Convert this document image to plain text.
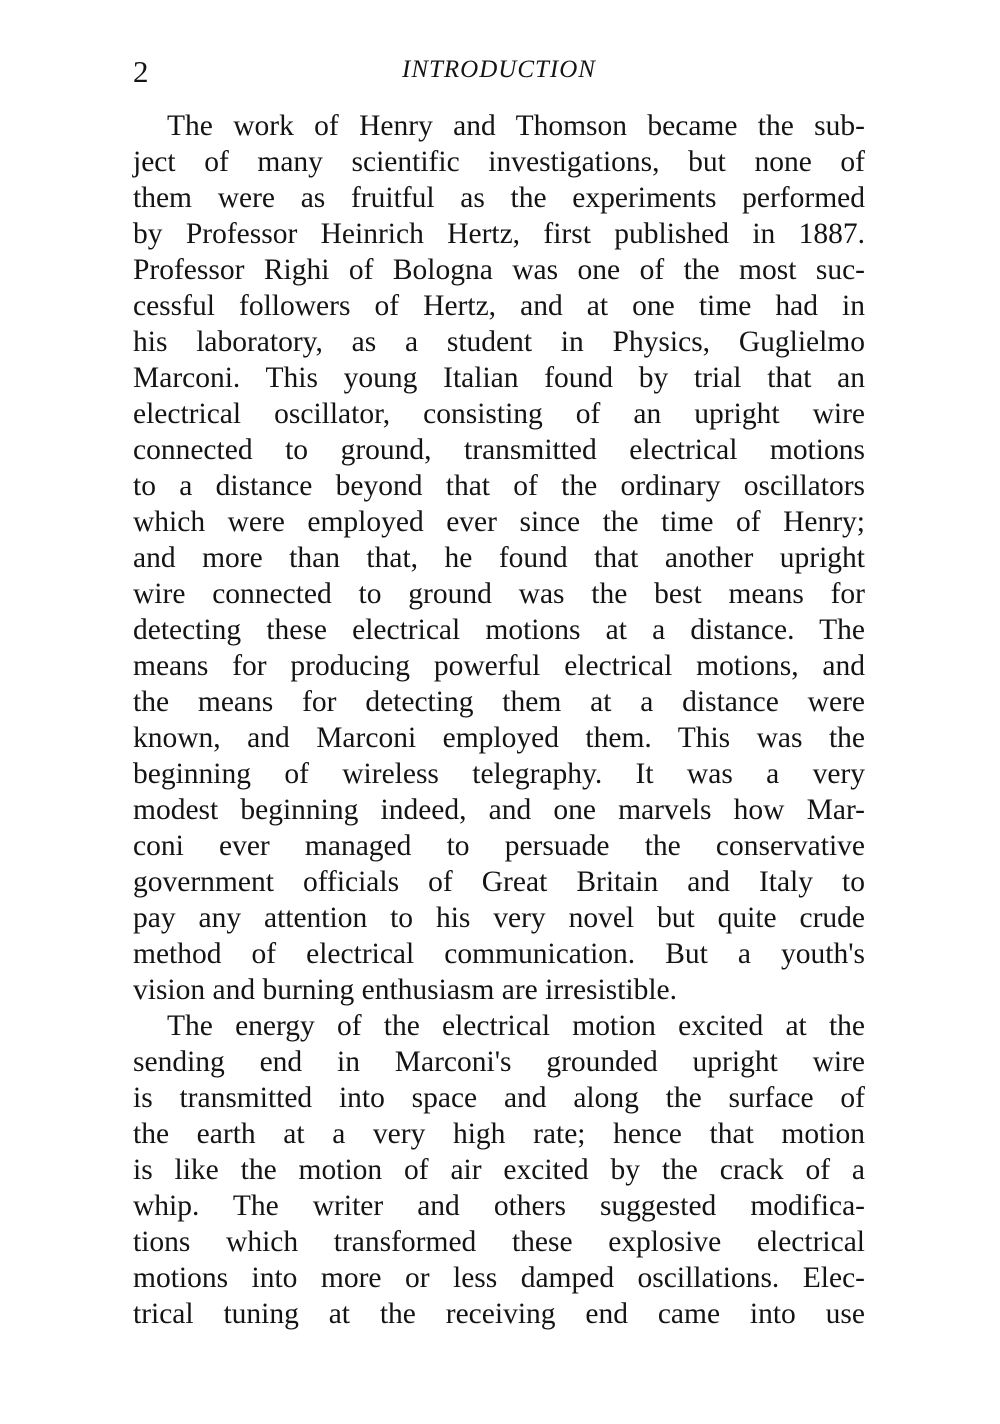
2	INTRODUCTION
The work of Henry and Thomson became the sub-
ject of many scientific investigations, but none of
them were as fruitful as the experiments performed
by Professor Heinrich Hertz, first published in 1887.
Professor Righi of Bologna was one of the most suc-
cessful followers of Hertz, and at one time had in
his laboratory, as a student in Physics, Guglielmo
Marconi. This young Italian found by trial that an
electrical oscillator, consisting of an upright wire
connected to ground, transmitted electrical motions
to a distance beyond that of the ordinary oscillators
which were employed ever since the time of Henry;
and more than that, he found that another upright
wire connected to ground was the best means for
detecting these electrical motions at a distance. The
means for producing powerful electrical motions, and
the means for detecting them at a distance were
known, and Marconi employed them. This was the
beginning of wireless telegraphy. It was a very
modest beginning indeed, and one marvels how Mar-
coni ever managed to persuade the conservative
government officials of Great Britain and Italy to
pay any attention to his very novel but quite crude
method of electrical communication. But a youth's
vision and burning enthusiasm are irresistible.
The energy of the electrical motion excited at the
sending end in Marconi's grounded upright wire
is transmitted into space and along the surface of
the earth at a very high rate; hence that motion
is like the motion of air excited by the crack of a
whip. The writer and others suggested modifica-
tions which transformed these explosive electrical
motions into more or less damped oscillations. Elec-
trical tuning at the receiving end came into use
